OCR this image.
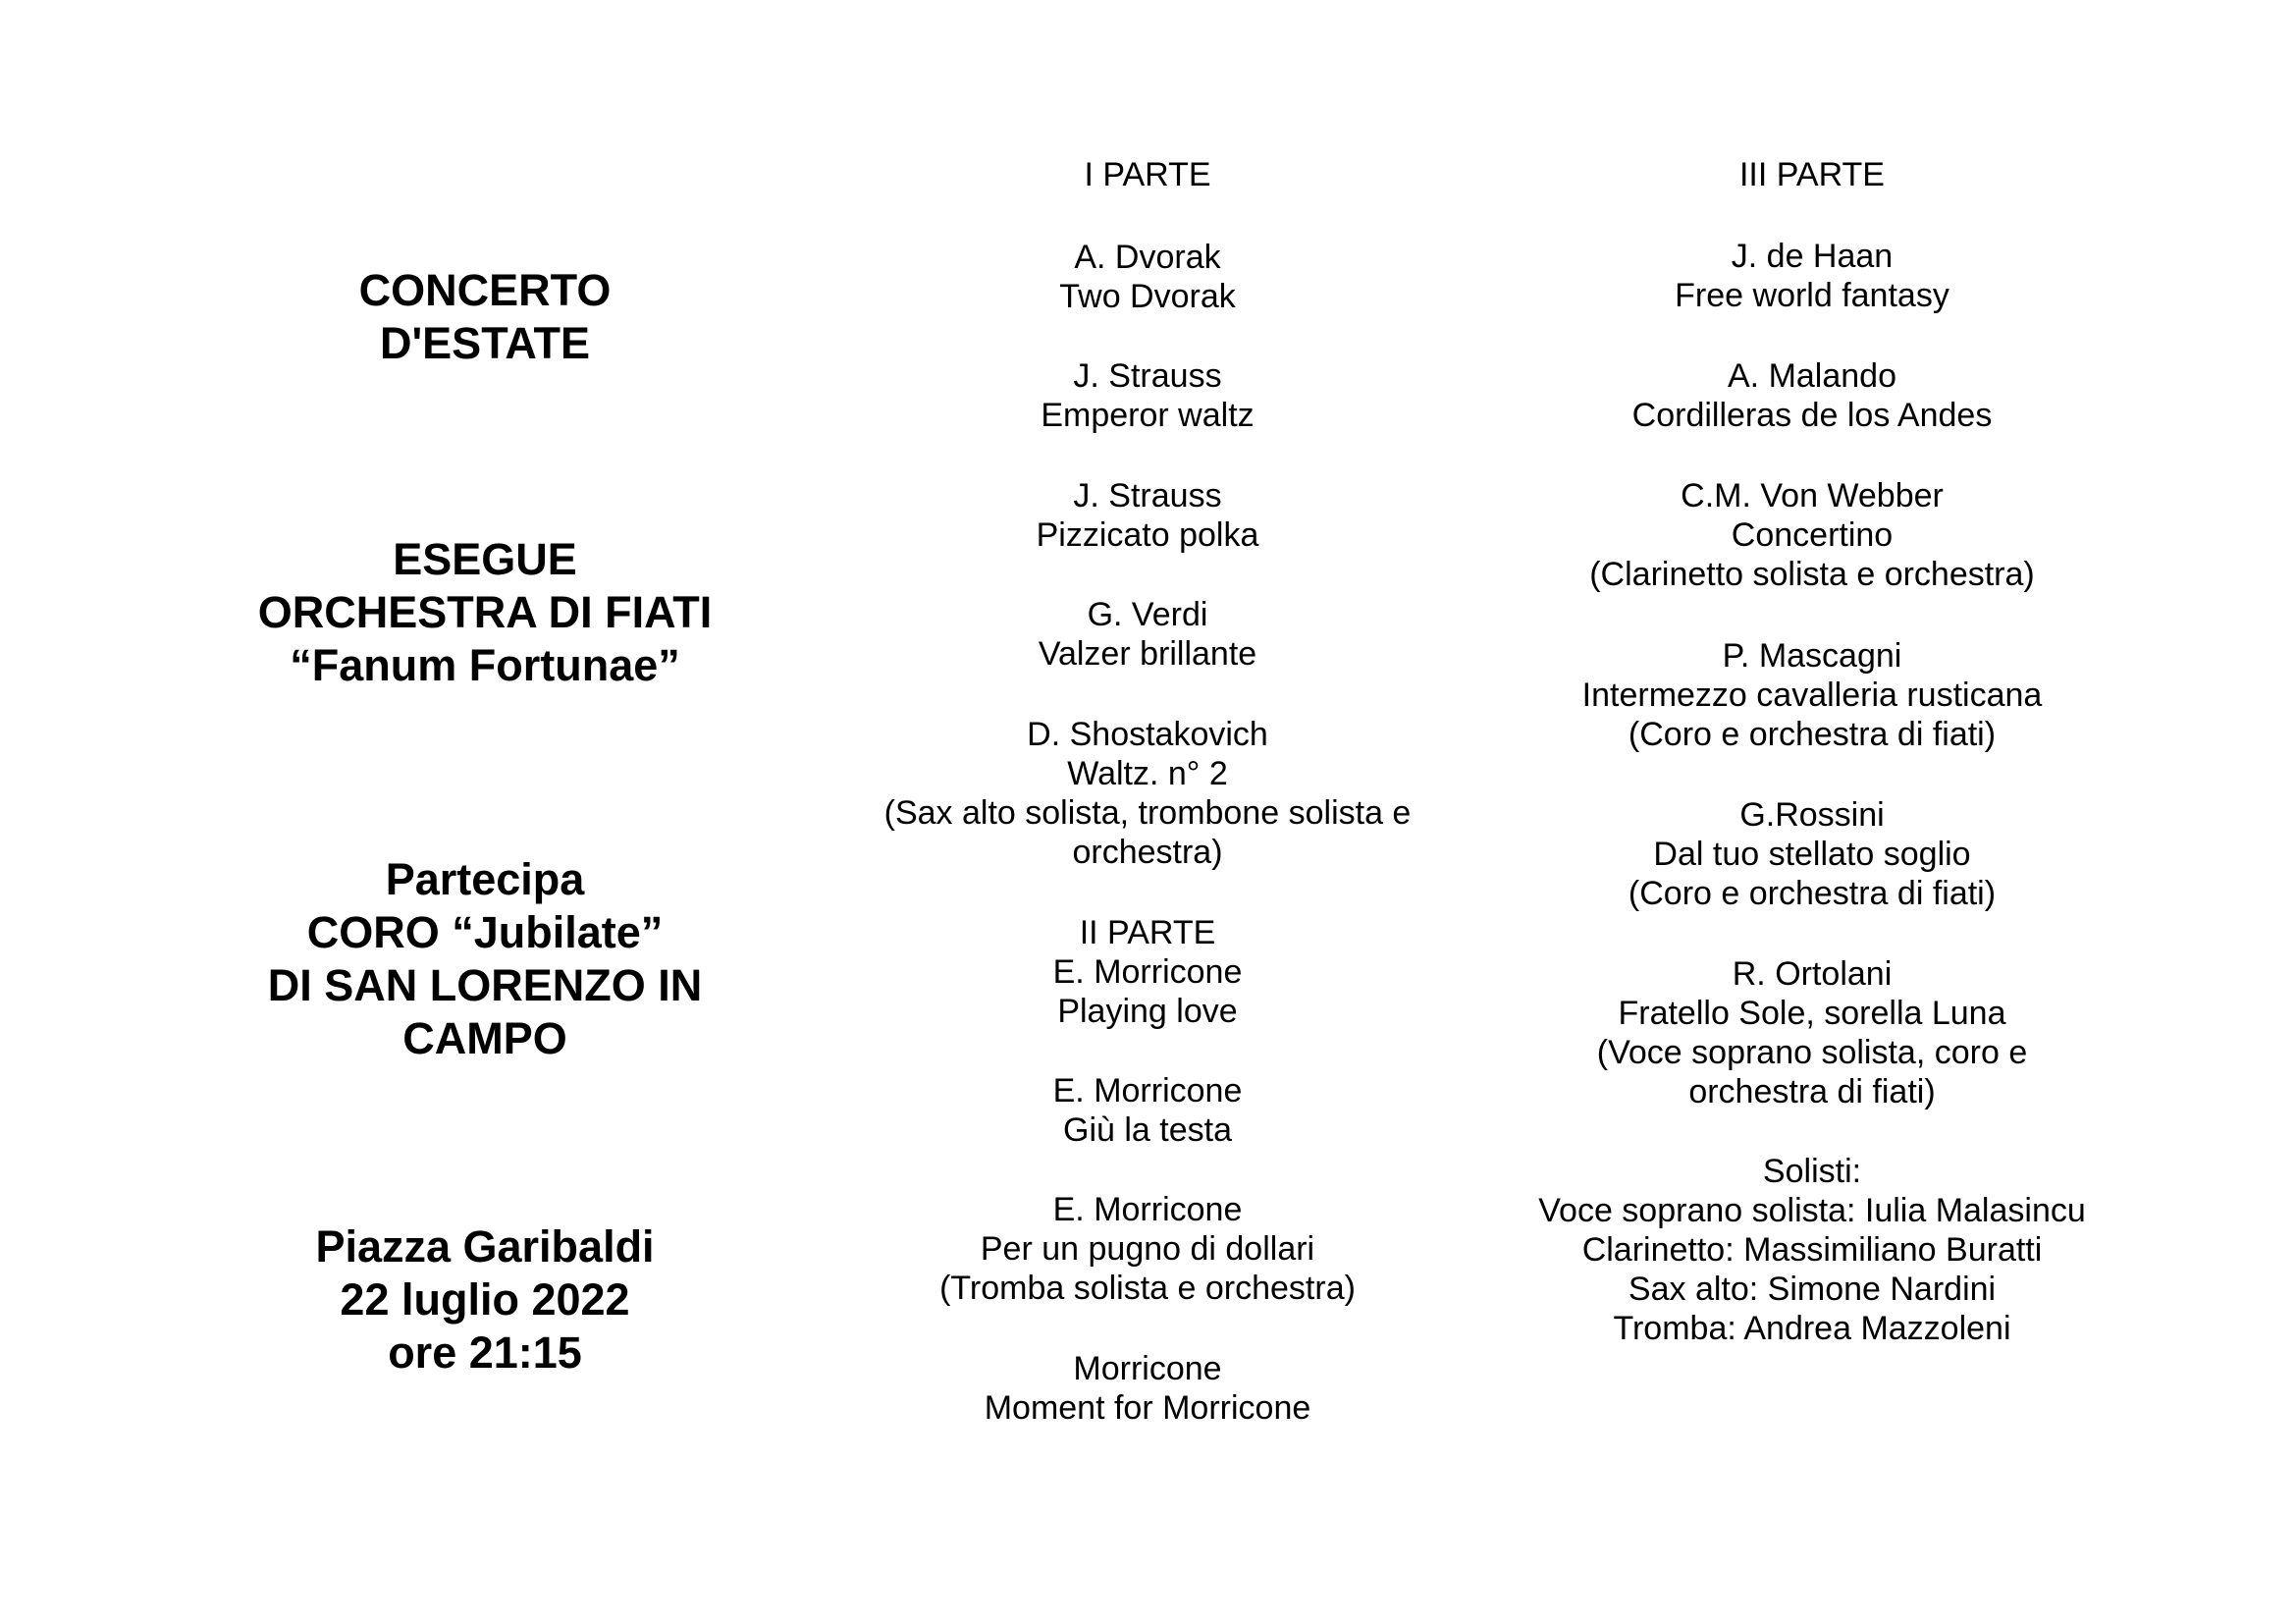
CONCERTO
D'ESTATE
ESEGUE
ORCHESTRA DI FIATI
“Fanum Fortunae”
Partecipa
CORO “Jubilate”
DI SAN LORENZO IN
CAMPO
Piazza Garibaldi
22 luglio 2022
ore 21:15
I PARTE
A. Dvorak
Two Dvorak
J. Strauss
Emperor waltz
J. Strauss
Pizzicato polka
G. Verdi
Valzer brillante
D. Shostakovich
Waltz. n° 2
(Sax alto solista, trombone solista e
orchestra)
II PARTE
E. Morricone
Playing love
E. Morricone
Giù la testa
E. Morricone
Per un pugno di dollari
(Tromba solista e orchestra)
Morricone
Moment for Morricone
III PARTE
J. de Haan
Free world fantasy
A. Malando
Cordilleras de los Andes
C.M. Von Webber
Concertino
(Clarinetto solista e orchestra)
P. Mascagni
Intermezzo cavalleria rusticana
(Coro e orchestra di fiati)
G.Rossini
Dal tuo stellato soglio
(Coro e orchestra di fiati)
R. Ortolani
Fratello Sole, sorella Luna
(Voce soprano solista, coro e
orchestra di fiati)
Solisti:
Voce soprano solista: Iulia Malasincu
Clarinetto: Massimiliano Buratti
Sax alto: Simone Nardini
Tromba: Andrea Mazzoleni
